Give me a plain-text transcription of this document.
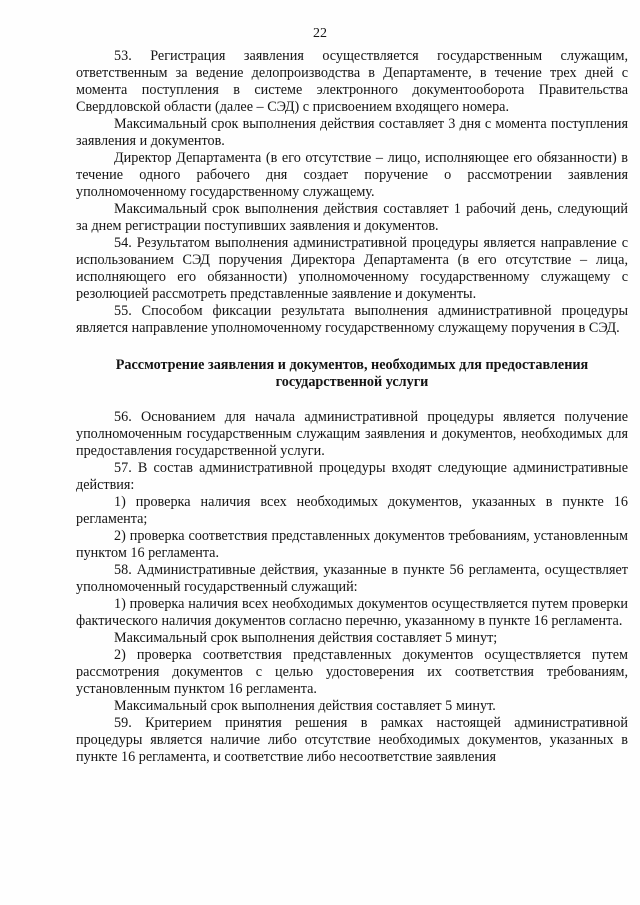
22

53. Регистрация заявления осуществляется государственным служащим, ответственным за ведение делопроизводства в Департаменте, в течение трех дней с момента поступления в системе электронного документооборота Правительства Свердловской области (далее – СЭД) с присвоением входящего номера.

Максимальный срок выполнения действия составляет 3 дня с момента поступления заявления и документов.

Директор Департамента (в его отсутствие – лицо, исполняющее его обязанности) в течение одного рабочего дня создает поручение о рассмотрении заявления уполномоченному государственному служащему.

Максимальный срок выполнения действия составляет 1 рабочий день, следующий за днем регистрации поступивших заявления и документов.

54. Результатом выполнения административной процедуры является направление с использованием СЭД поручения Директора Департамента (в его отсутствие – лица, исполняющего его обязанности) уполномоченному государственному служащему с резолюцией рассмотреть представленные заявление и документы.

55. Способом фиксации результата выполнения административной процедуры является направление уполномоченному государственному служащему поручения в СЭД.

Рассмотрение заявления и документов, необходимых для предоставления государственной услуги

56. Основанием для начала административной процедуры является получение уполномоченным государственным служащим заявления и документов, необходимых для предоставления государственной услуги.

57. В состав административной процедуры входят следующие административные действия:

1) проверка наличия всех необходимых документов, указанных в пункте 16 регламента;

2) проверка соответствия представленных документов требованиям, установленным пунктом 16 регламента.

58. Административные действия, указанные в пункте 56 регламента, осуществляет уполномоченный государственный служащий:

1) проверка наличия всех необходимых документов осуществляется путем проверки фактического наличия документов согласно перечню, указанному в пункте 16 регламента.

Максимальный срок выполнения действия составляет 5 минут;

2) проверка соответствия представленных документов осуществляется путем рассмотрения документов с целью удостоверения их соответствия требованиям, установленным пунктом 16 регламента.

Максимальный срок выполнения действия составляет 5 минут.

59. Критерием принятия решения в рамках настоящей административной процедуры является наличие либо отсутствие необходимых документов, указанных в пункте 16 регламента, и соответствие либо несоответствие заявления
